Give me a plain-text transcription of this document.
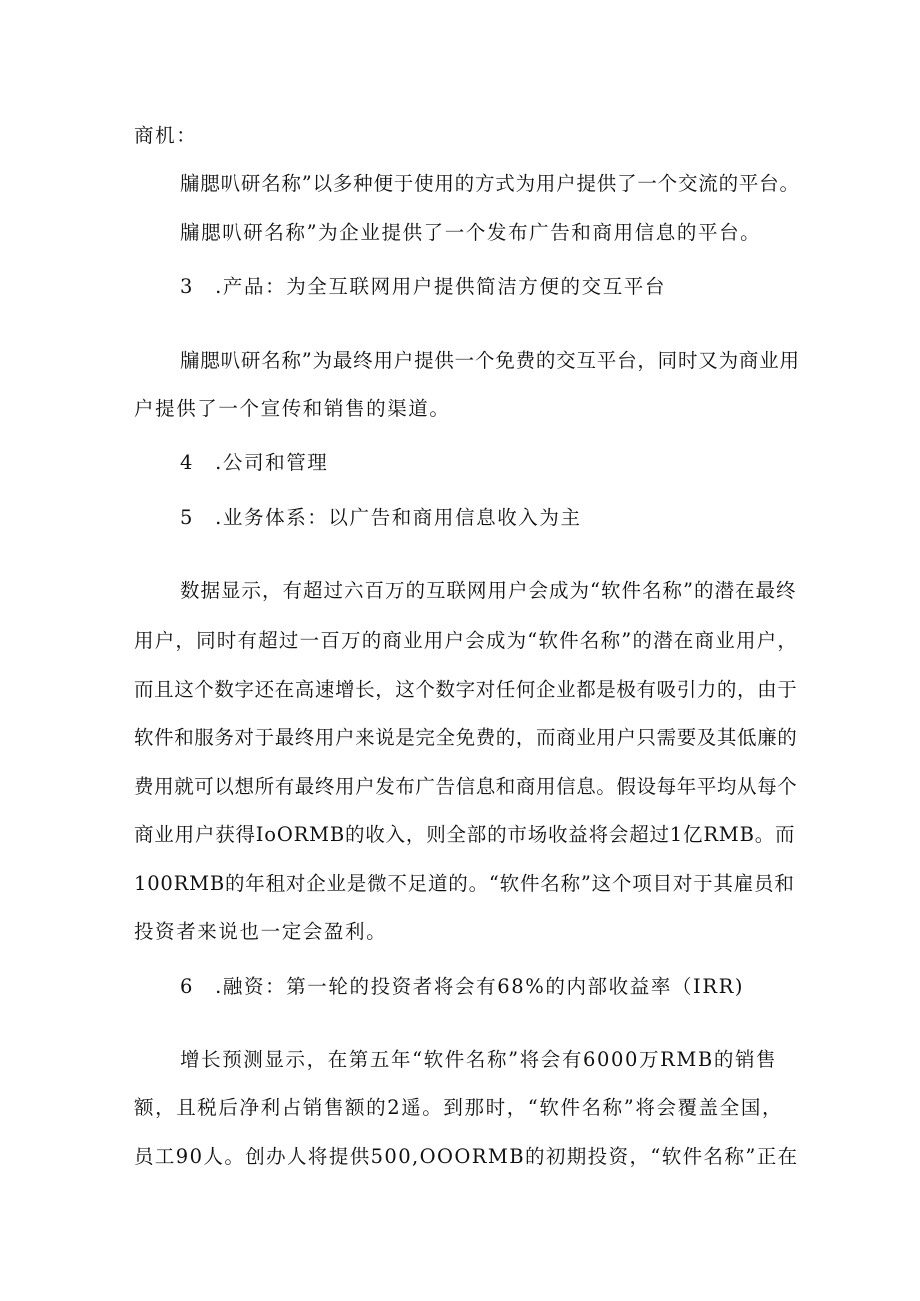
商机：
牖腮叭研名称”以多种便于使用的方式为用户提供了一个交流的平台。
牖腮叭研名称”为企业提供了一个发布广告和商用信息的平台。
3　.产品：为全互联网用户提供简洁方便的交互平台
牖腮叭研名称”为最终用户提供一个免费的交互平台，同时又为商业用
户提供了一个宣传和销售的渠道。
4　.公司和管理
5　.业务体系：以广告和商用信息收入为主
数据显示，有超过六百万的互联网用户会成为“软件名称”的潜在最终
用户，同时有超过一百万的商业用户会成为“软件名称”的潜在商业用户，
而且这个数字还在高速增长，这个数字对任何企业都是极有吸引力的，由于
软件和服务对于最终用户来说是完全免费的，而商业用户只需要及其低廉的
费用就可以想所有最终用户发布广告信息和商用信息。假设每年平均从每个
商业用户获得IoORMB的收入，则全部的市场收益将会超过1亿RMB。而
100RMB的年租对企业是微不足道的。“软件名称”这个项目对于其雇员和
投资者来说也一定会盈利。
6　.融资：第一轮的投资者将会有68%的内部收益率（IRR)
增长预测显示，在第五年“软件名称”将会有6000万RMB的销售
额，且税后净利占销售额的2遥。到那时，“软件名称”将会覆盖全国，
员工90人。创办人将提供500,OOORMB的初期投资，“软件名称”正在
